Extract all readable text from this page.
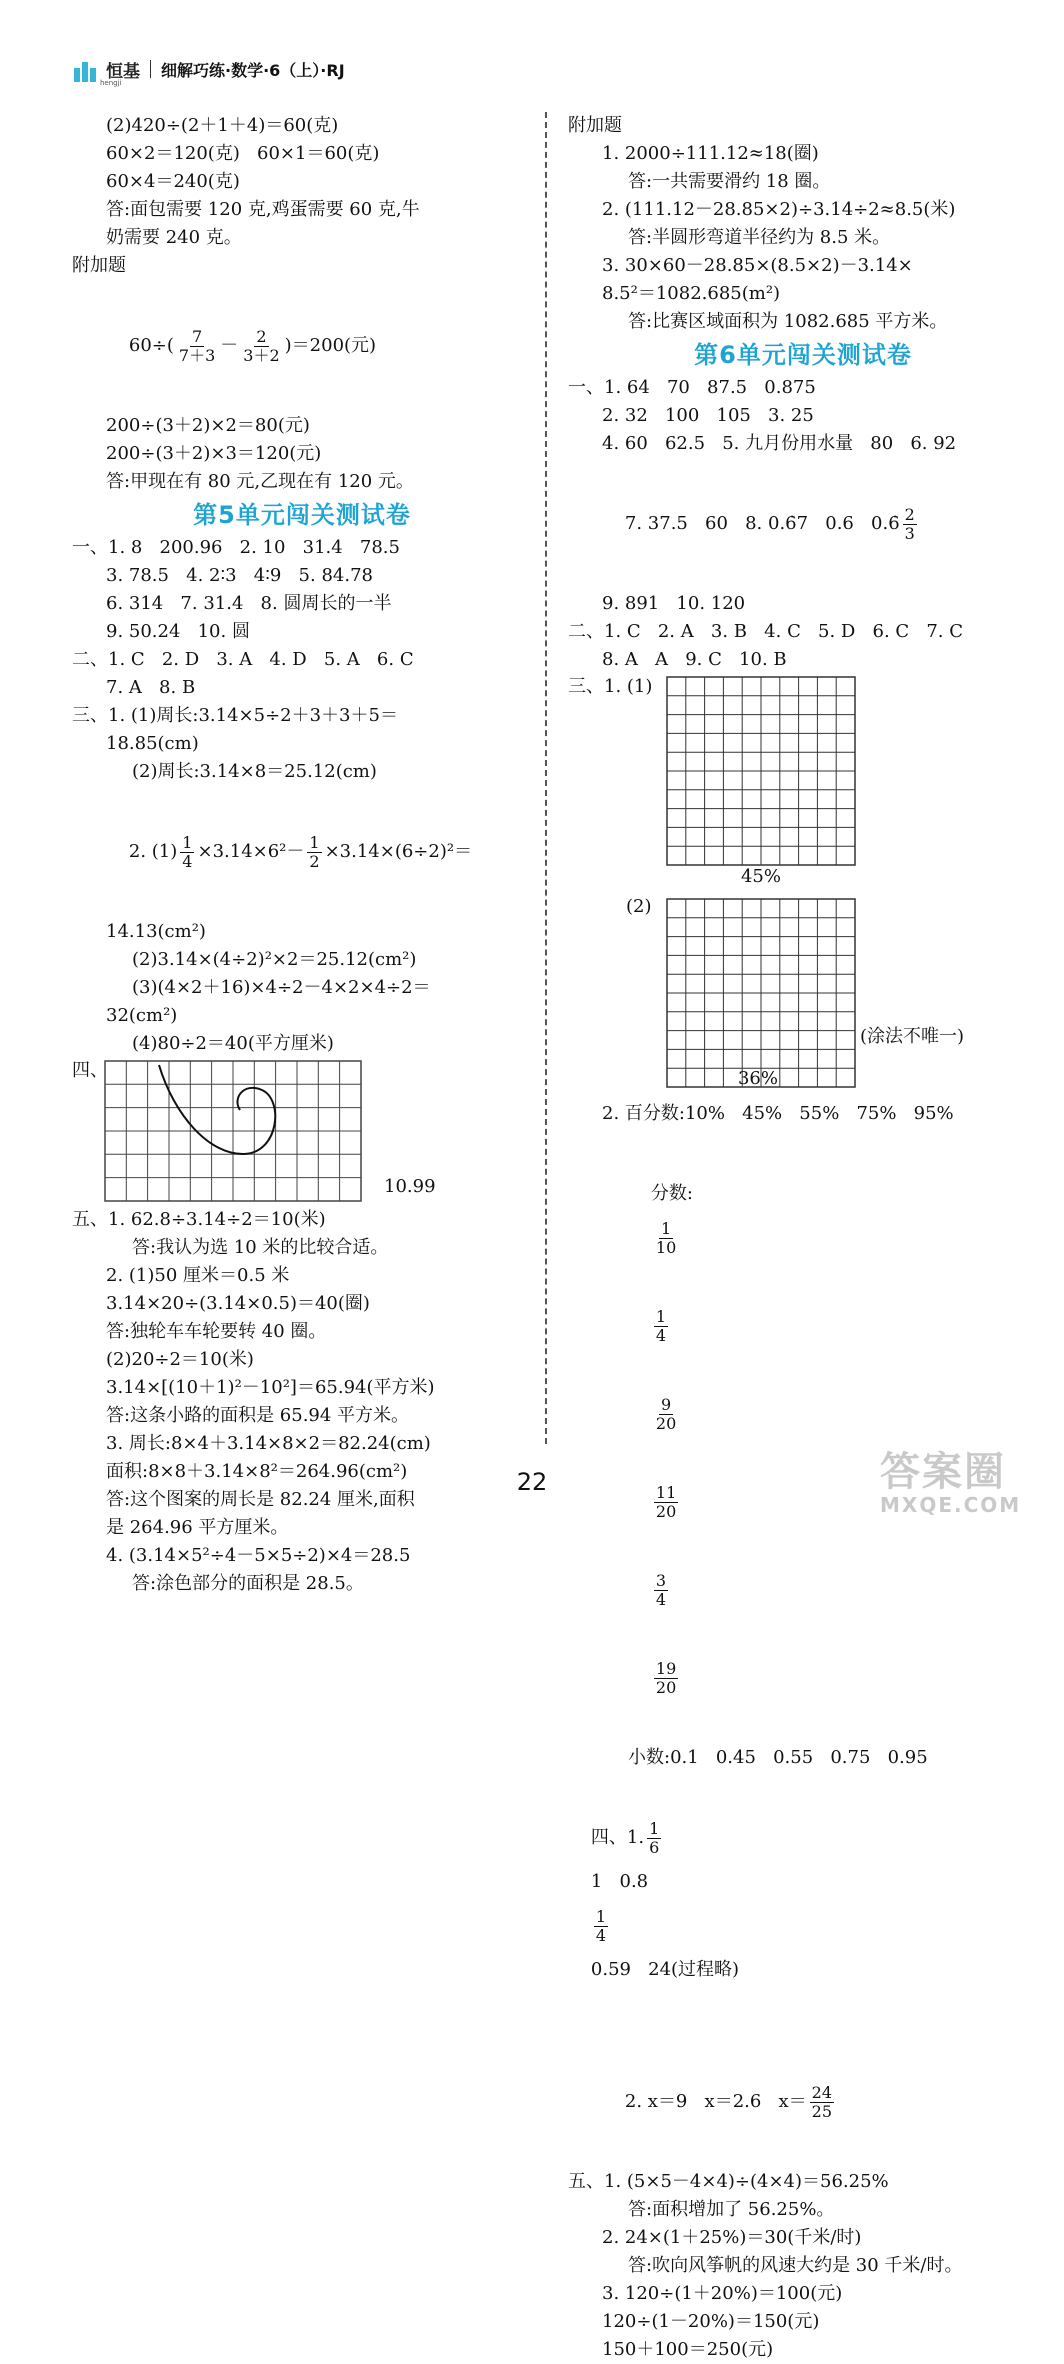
恒基
hengji
细解巧练·数学·6（上）·RJ
(2)420÷(2＋1＋4)＝60(克)
60×2＝120(克)   60×1＝60(克)
60×4＝240(克)
答:面包需要 120 克,鸡蛋需要 60 克,牛
奶需要 240 克。
附加题

$60\div( \frac{7}{7+3} - \frac{2}{3+2} )=200$(元)

200÷(3＋2)×2＝80(元)
200÷(3＋2)×3＝120(元)
答:甲现在有 80 元,乙现在有 120 元。
第5单元闯关测试卷
一、1. 8   200.96   2. 10   31.4   78.5
3. 78.5   4. 2∶3   4∶9   5. 84.78
6. 314   7. 31.4   8. 圆周长的一半
9. 50.24   10. 圆
二、1. C   2. D   3. A   4. D   5. A   6. C
7. A   8. B
三、1. (1)周长:3.14×5÷2＋3＋3＋5＝
18.85(cm)
(2)周长:3.14×8＝25.12(cm)

2. $(1) \frac{1}{4} \times 3.14\times 6^2- \frac{1}{2} \times 3.14\times(6\div 2)^2=$

14.13(cm²)
(2)3.14×(4÷2)²×2＝25.12(cm²)
(3)(4×2＋16)×4÷2－4×2×4÷2＝
32(cm²)
(4)80÷2＝40(平方厘米)
四、
10.99
五、1. 62.8÷3.14÷2＝10(米)
答:我认为选 10 米的比较合适。
2. (1)50 厘米＝0.5 米
3.14×20÷(3.14×0.5)＝40(圈)
答:独轮车车轮要转 40 圈。
(2)20÷2＝10(米)
3.14×[(10＋1)²－10²]＝65.94(平方米)
答:这条小路的面积是 65.94 平方米。
3. 周长:8×4＋3.14×8×2＝82.24(cm)
面积:8×8＋3.14×8²＝264.96(cm²)
答:这个图案的周长是 82.24 厘米,面积
是 264.96 平方厘米。
4. (3.14×5²÷4－5×5÷2)×4＝28.5
答:涂色部分的面积是 28.5。
附加题
1. 2000÷111.12≈18(圈)
答:一共需要滑约 18 圈。
2. (111.12－28.85×2)÷3.14÷2≈8.5(米)
答:半圆形弯道半径约为 8.5 米。
3. 30×60－28.85×(8.5×2)－3.14×
8.5²＝1082.685(m²)
答:比赛区域面积为 1082.685 平方米。
第6单元闯关测试卷
一、1. 64   70   87.5   0.875
2. 32   100   105   3. 25
4. 60   62.5   5. 九月份用水量   80   6. 92

7. 37.5   60   8. 0.6̇7   0.6   0.6̇ $\frac{2}{3}$

9. 891   10. 120
二、1. C   2. A   3. B   4. C   5. D   6. C   7. C
8. A   A   9. C   10. B
三、1. (1)
45%
(2)
(涂法不唯一)
36%
2. 百分数:10%   45%   55%   75%   95%

分数:

$\frac{1}{10}$

$\frac{1}{4}$

$\frac{9}{20}$

$\frac{11}{20}$

$\frac{3}{4}$

$\frac{19}{20}$

小数:0.1   0.45   0.55   0.75   0.95

四、1. $\frac{1}{6}$

1   0.8

$\frac{1}{4}$

0.59   24(过程略)

2. x＝9   x＝2.6   $x= \frac{24}{25}$

五、1. (5×5－4×4)÷(4×4)＝56.25%
答:面积增加了 56.25%。
2. 24×(1＋25%)＝30(千米/时)
答:吹向风筝帆的风速大约是 30 千米/时。
3. 120÷(1＋20%)＝100(元)
120÷(1－20%)＝150(元)
150＋100＝250(元)
22	答案圈
MXQE.COM
